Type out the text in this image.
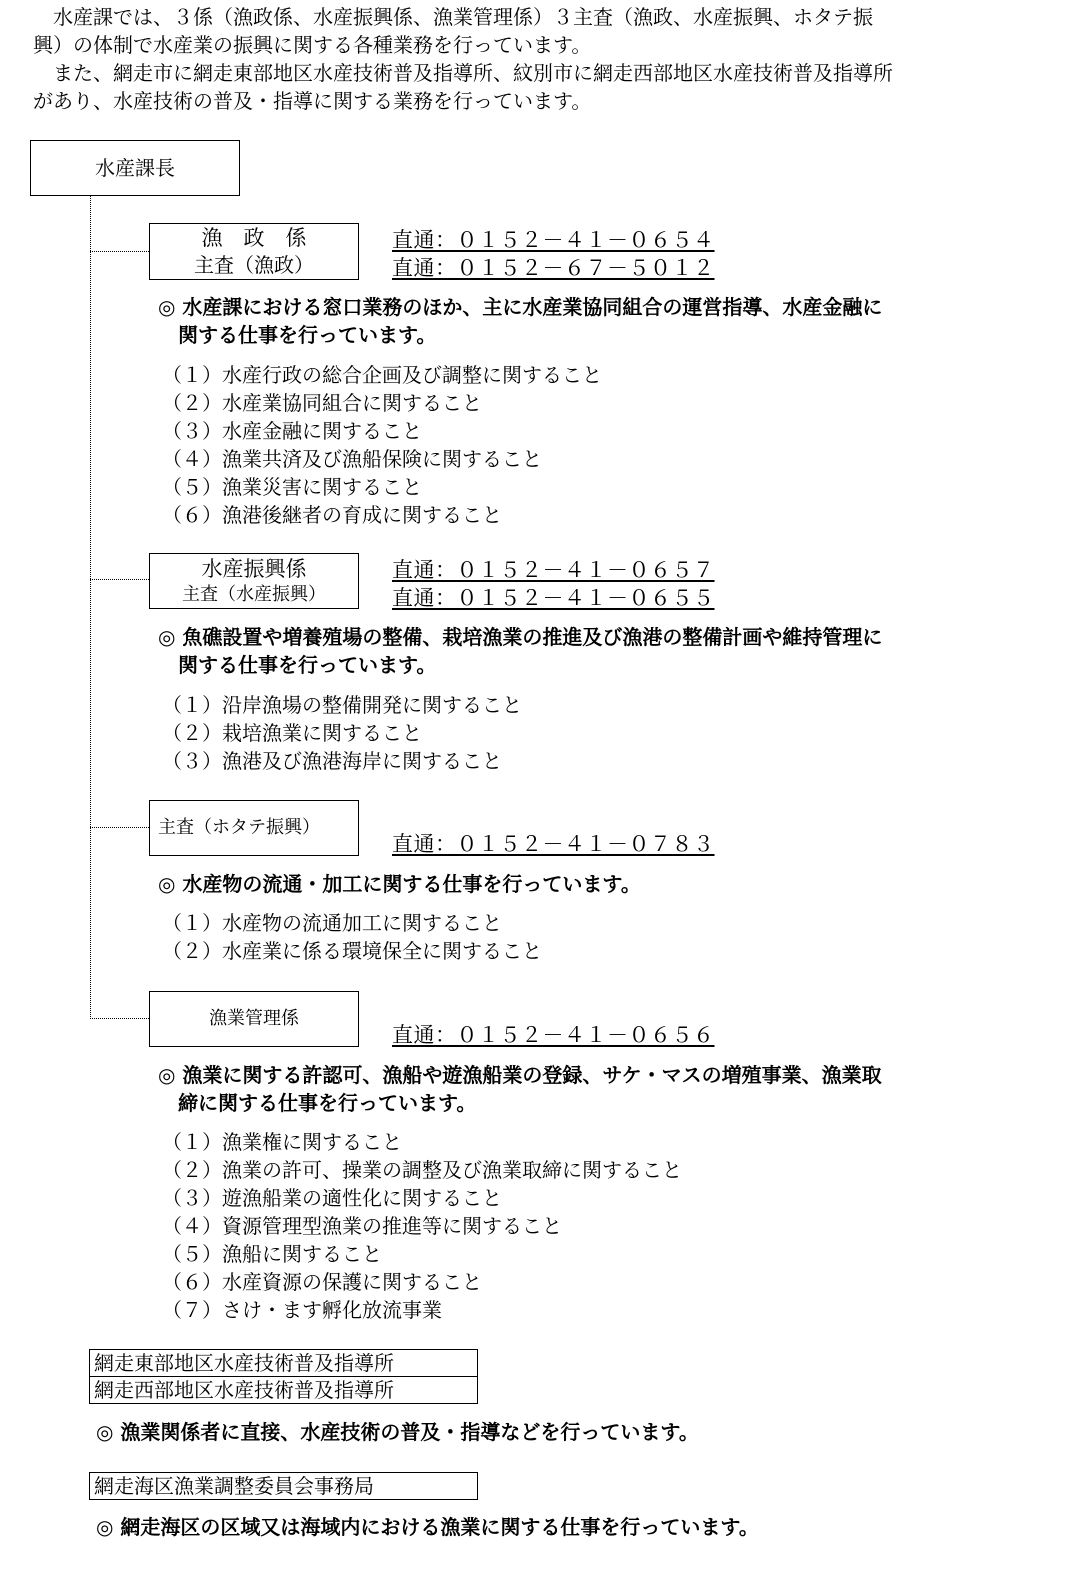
　水産課では、３係（漁政係、水産振興係、漁業管理係）３主査（漁政、水産振興、ホタテ振
興）の体制で水産業の振興に関する各種業務を行っています。
　また、網走市に網走東部地区水産技術普及指導所、紋別市に網走西部地区水産技術普及指導所
があり、水産技術の普及・指導に関する業務を行っています。
水産課長
漁　政　係
主査（漁政）
直通：０１５２－４１－０６５４
直通：０１５２－６７－５０１２
◎ 水産課における窓口業務のほか、主に水産業協同組合の運営指導、水産金融に
　関する仕事を行っています。
（１）水産行政の総合企画及び調整に関すること
（２）水産業協同組合に関すること
（３）水産金融に関すること
（４）漁業共済及び漁船保険に関すること
（５）漁業災害に関すること
（６）漁港後継者の育成に関すること
水産振興係
主査（水産振興）
直通：０１５２－４１－０６５７
直通：０１５２－４１－０６５５
◎ 魚礁設置や増養殖場の整備、栽培漁業の推進及び漁港の整備計画や維持管理に
　関する仕事を行っています。
（１）沿岸漁場の整備開発に関すること
（２）栽培漁業に関すること
（３）漁港及び漁港海岸に関すること
主査（ホタテ振興）
直通：０１５２－４１－０７８３
◎ 水産物の流通・加工に関する仕事を行っています。
（１）水産物の流通加工に関すること
（２）水産業に係る環境保全に関すること
漁業管理係
直通：０１５２－４１－０６５６
◎ 漁業に関する許認可、漁船や遊漁船業の登録、サケ・マスの増殖事業、漁業取
　締に関する仕事を行っています。
（１）漁業権に関すること
（２）漁業の許可、操業の調整及び漁業取締に関すること
（３）遊漁船業の適性化に関すること
（４）資源管理型漁業の推進等に関すること
（５）漁船に関すること
（６）水産資源の保護に関すること
（７）さけ・ます孵化放流事業
網走東部地区水産技術普及指導所
網走西部地区水産技術普及指導所
◎ 漁業関係者に直接、水産技術の普及・指導などを行っています。
網走海区漁業調整委員会事務局
◎ 網走海区の区域又は海域内における漁業に関する仕事を行っています。
